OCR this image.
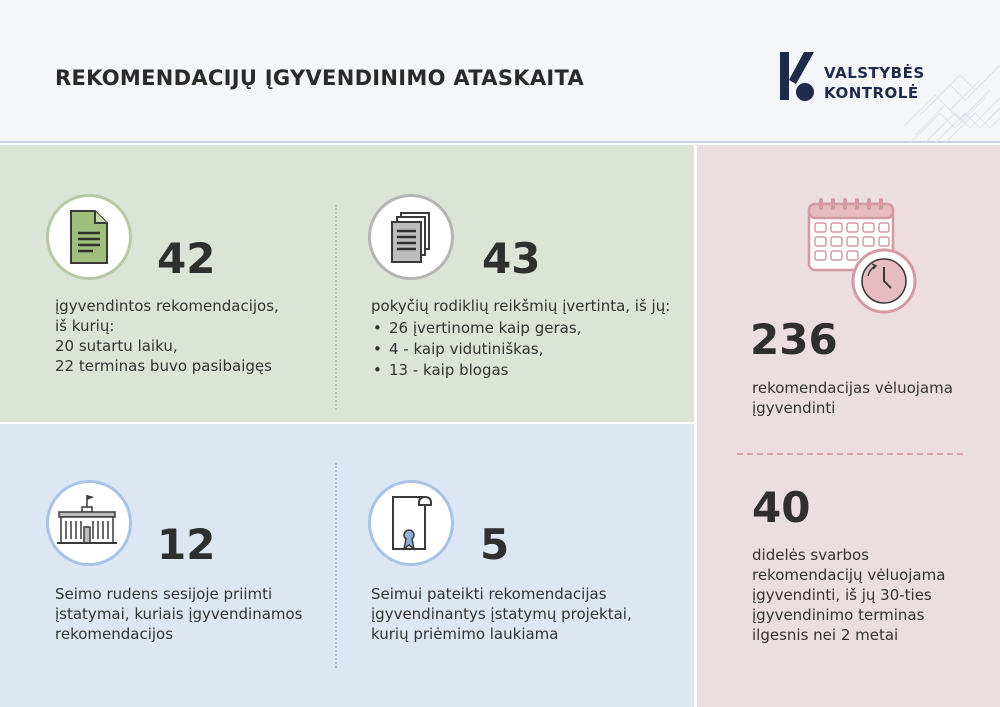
REKOMENDACIJŲ ĮGYVENDINIMO ATASKAITA	VALSTYBĖS
KONTROLĖ
42
įgyvendintos rekomendacijos,
iš kurių:
20 sutartu laiku,
22 terminas buvo pasibaigęs
43
pokyčių rodiklių reikšmių įvertinta, iš jų:
• 26 įvertinome kaip geras,
• 4 - kaip vidutiniškas,
• 13 - kaip blogas
12
Seimo rudens sesijoje priimti
įstatymai, kuriais įgyvendinamos
rekomendacijos
5
Seimui pateikti rekomendacijas
įgyvendinantys įstatymų projektai,
kurių priėmimo laukiama
236
rekomendacijas vėluojama
įgyvendinti
40
didelės svarbos
rekomendacijų vėluojama
įgyvendinti, iš jų 30-ties
įgyvendinimo terminas
ilgesnis nei 2 metai
